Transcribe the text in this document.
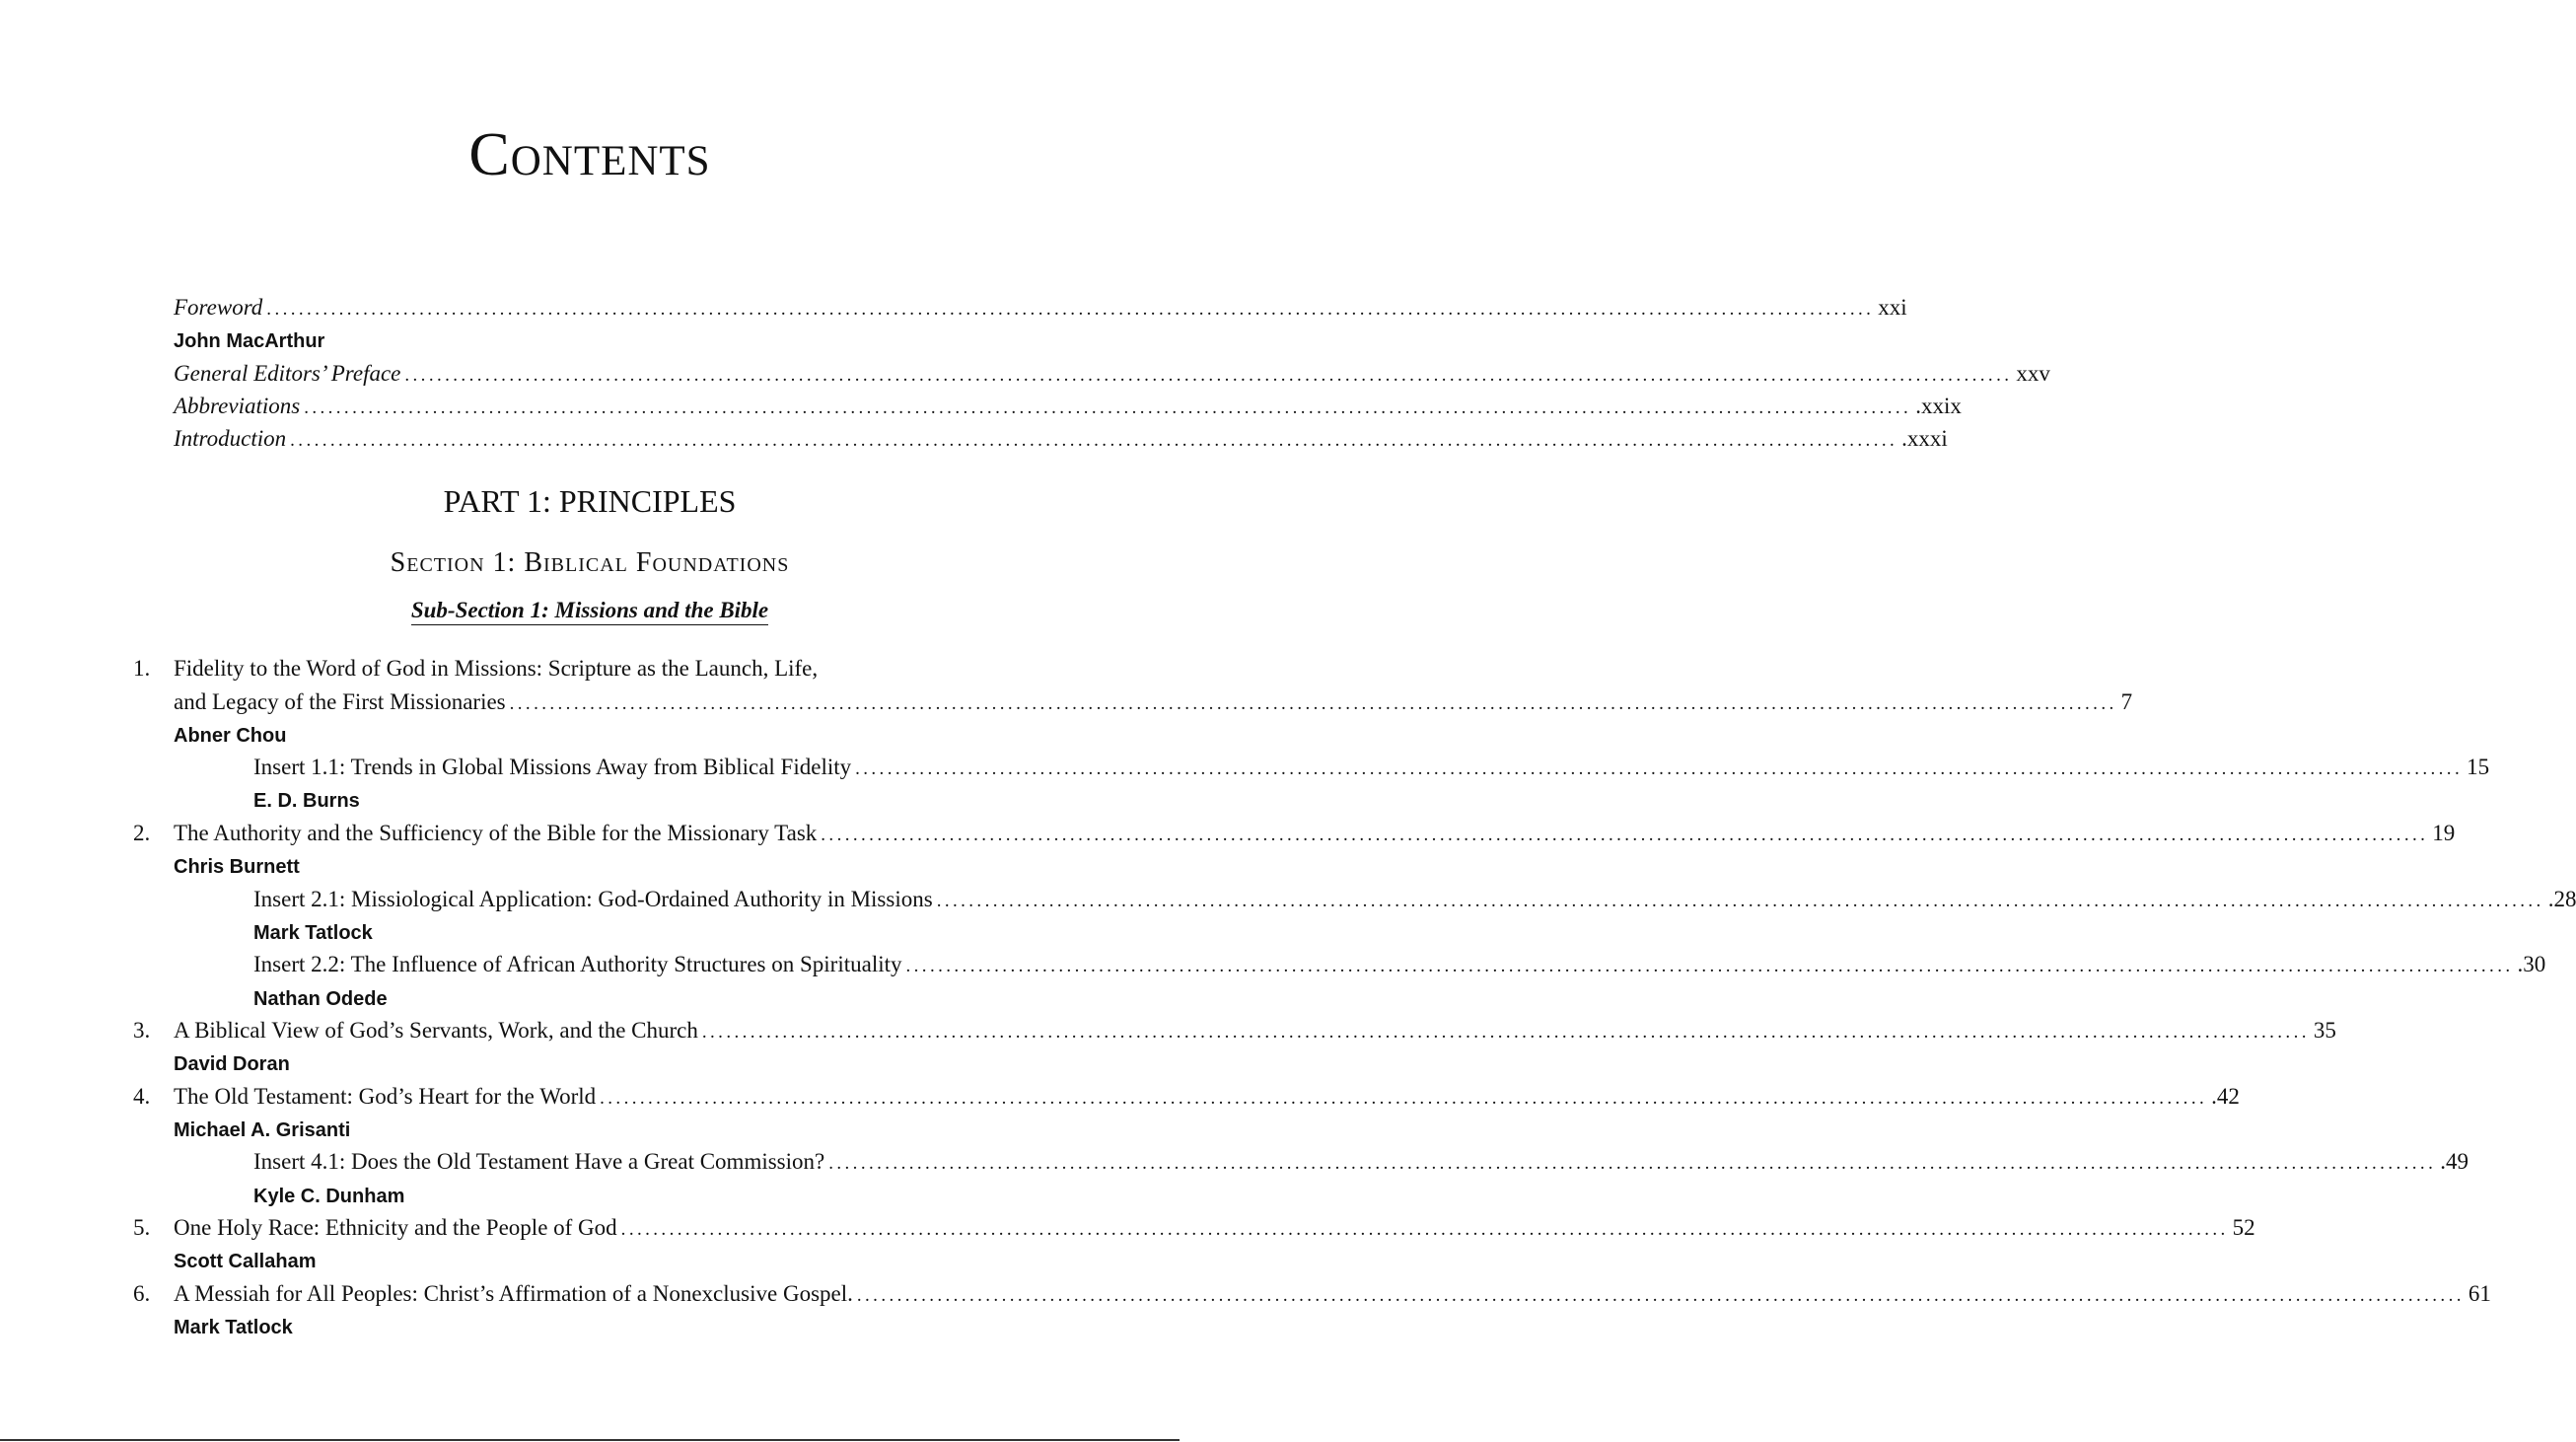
Contents
Foreword ........................................................................................................................................................................................................ xxi
John MacArthur
General Editors’ Preface ........................................................................................................................................................................................................ xxv
Abbreviations ........................................................................................................................................................................................................ .xxix
Introduction ........................................................................................................................................................................................................ .xxxi
PART 1: PRINCIPLES
Section 1: Biblical Foundations
Sub-Section 1: Missions and the Bible
1. Fidelity to the Word of God in Missions: Scripture as the Launch, Life,
and Legacy of the First Missionaries ........................................................................................................................................................................................................ 7
Abner Chou
Insert 1.1: Trends in Global Missions Away from Biblical Fidelity ........................................................................................................................................................................................................ 15
E. D. Burns
2. The Authority and the Sufficiency of the Bible for the Missionary Task ........................................................................................................................................................................................................ 19
Chris Burnett
Insert 2.1: Missiological Application: God-Ordained Authority in Missions ........................................................................................................................................................................................................ .28
Mark Tatlock
Insert 2.2: The Influence of African Authority Structures on Spirituality ........................................................................................................................................................................................................ .30
Nathan Odede
3. A Biblical View of God’s Servants, Work, and the Church ........................................................................................................................................................................................................ 35
David Doran
4. The Old Testament: God’s Heart for the World ........................................................................................................................................................................................................ .42
Michael A. Grisanti
Insert 4.1: Does the Old Testament Have a Great Commission? ........................................................................................................................................................................................................ .49
Kyle C. Dunham
5. One Holy Race: Ethnicity and the People of God ........................................................................................................................................................................................................ 52
Scott Callaham
6. A Messiah for All Peoples: Christ’s Affirmation of a Nonexclusive Gospel. ........................................................................................................................................................................................................ 61
Mark Tatlock
